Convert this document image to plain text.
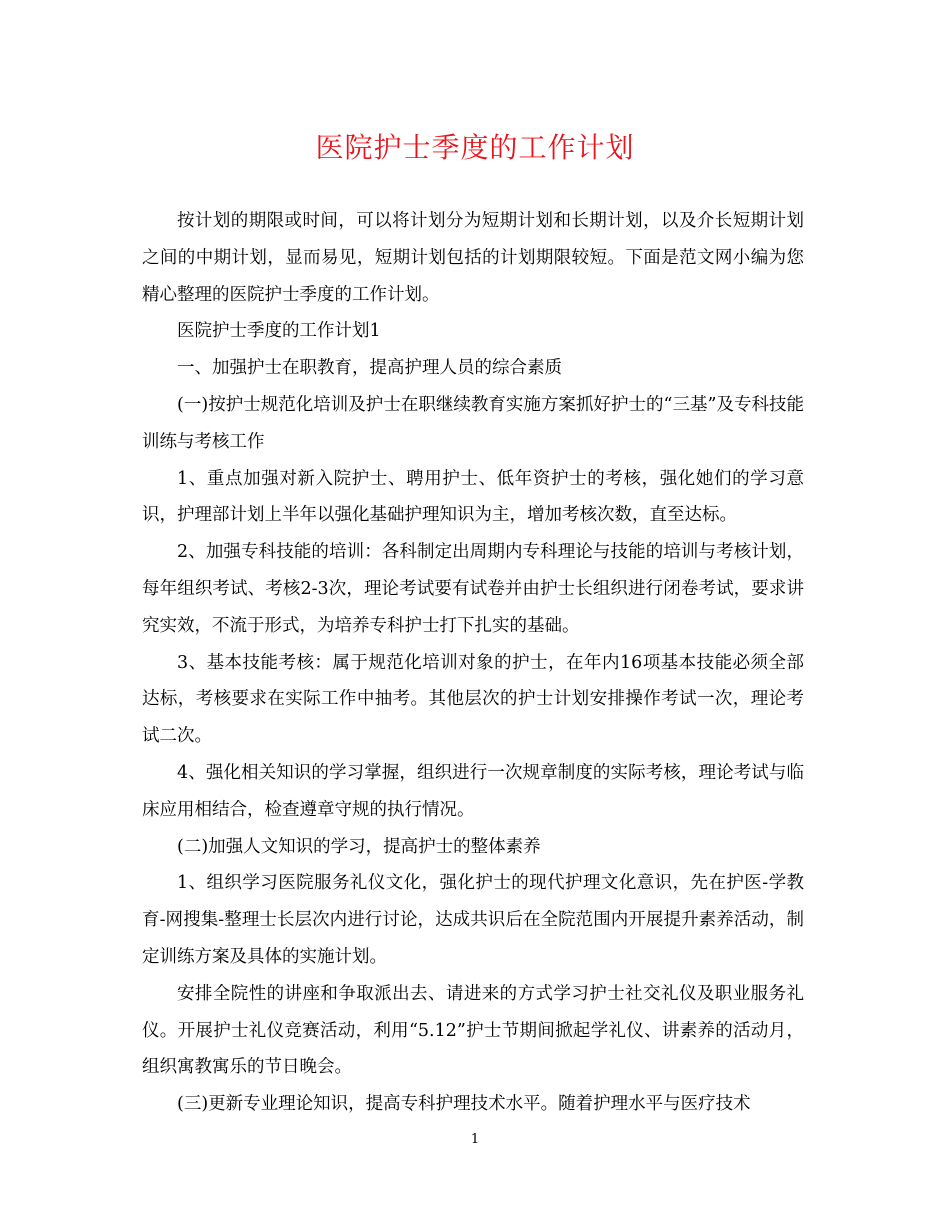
医院护士季度的工作计划

按计划的期限或时间，可以将计划分为短期计划和长期计划，以及介长短期计划之间的中期计划，显而易见，短期计划包括的计划期限较短。下面是范文网小编为您精心整理的医院护士季度的工作计划。

医院护士季度的工作计划1

一、加强护士在职教育，提高护理人员的综合素质

(一)按护士规范化培训及护士在职继续教育实施方案抓好护士的“三基”及专科技能训练与考核工作

1、重点加强对新入院护士、聘用护士、低年资护士的考核，强化她们的学习意识，护理部计划上半年以强化基础护理知识为主，增加考核次数，直至达标。

2、加强专科技能的培训：各科制定出周期内专科理论与技能的培训与考核计划，每年组织考试、考核2-3次，理论考试要有试卷并由护士长组织进行闭卷考试，要求讲究实效，不流于形式，为培养专科护士打下扎实的基础。

3、基本技能考核：属于规范化培训对象的护士，在年内16项基本技能必须全部达标，考核要求在实际工作中抽考。其他层次的护士计划安排操作考试一次，理论考试二次。

4、强化相关知识的学习掌握，组织进行一次规章制度的实际考核，理论考试与临床应用相结合，检查遵章守规的执行情况。

(二)加强人文知识的学习，提高护士的整体素养

1、组织学习医院服务礼仪文化，强化护士的现代护理文化意识，先在护医-学教育-网搜集-整理士长层次内进行讨论，达成共识后在全院范围内开展提升素养活动，制定训练方案及具体的实施计划。

安排全院性的讲座和争取派出去、请进来的方式学习护士社交礼仪及职业服务礼仪。开展护士礼仪竞赛活动，利用“5.12”护士节期间掀起学礼仪、讲素养的活动月，组织寓教寓乐的节日晚会。

(三)更新专业理论知识，提高专科护理技术水平。随着护理水平与医疗技术

1
